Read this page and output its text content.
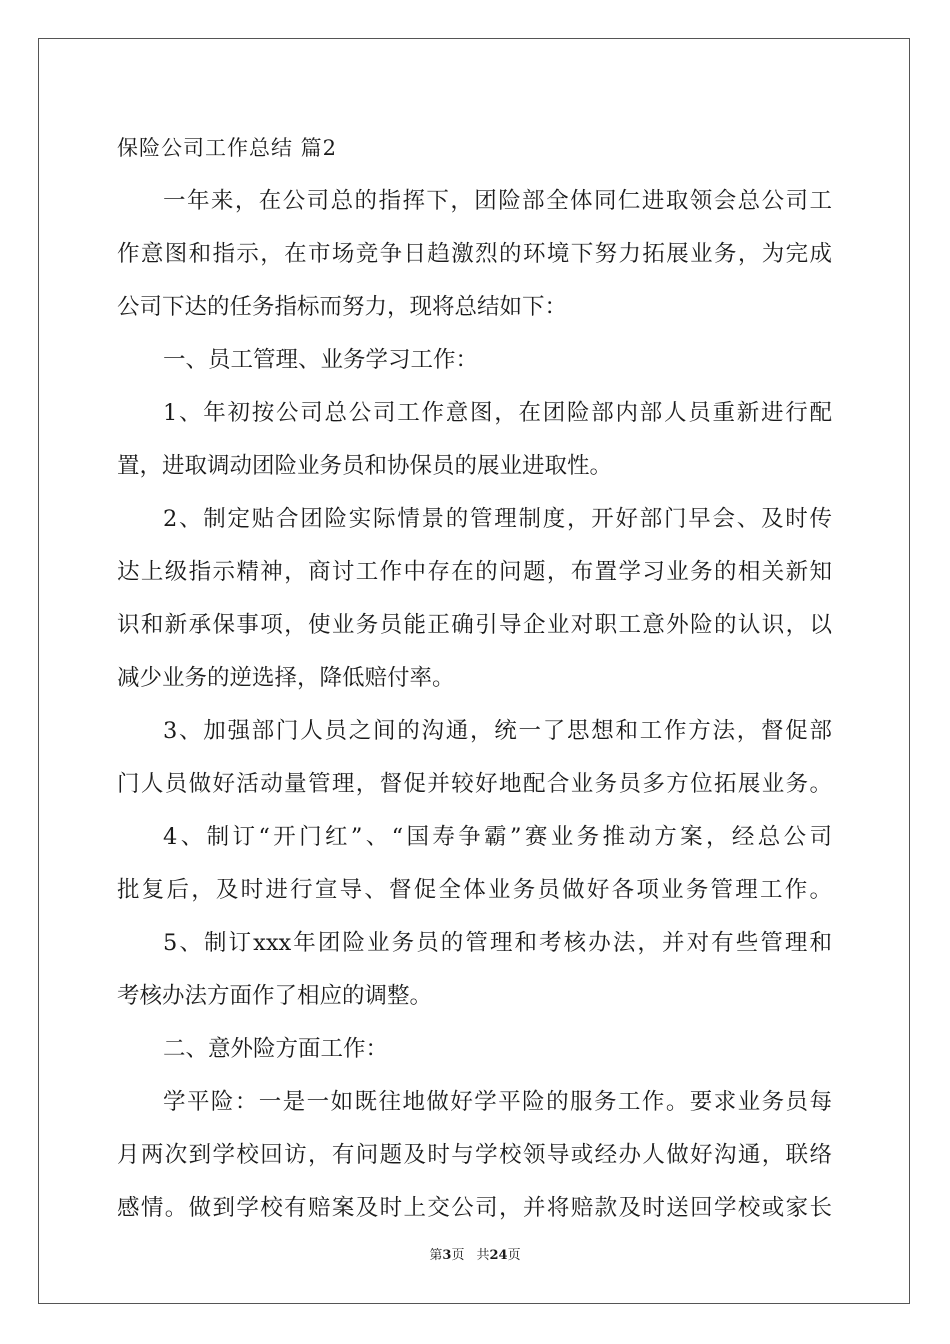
保险公司工作总结 篇2
一年来，在公司总的指挥下，团险部全体同仁进取领会总公司工
作意图和指示，在市场竞争日趋激烈的环境下努力拓展业务，为完成
公司下达的任务指标而努力，现将总结如下：
一、员工管理、业务学习工作：
1、年初按公司总公司工作意图，在团险部内部人员重新进行配
置，进取调动团险业务员和协保员的展业进取性。
2、制定贴合团险实际情景的管理制度，开好部门早会、及时传
达上级指示精神，商讨工作中存在的问题，布置学习业务的相关新知
识和新承保事项，使业务员能正确引导企业对职工意外险的认识，以
减少业务的逆选择，降低赔付率。
3、加强部门人员之间的沟通，统一了思想和工作方法，督促部
门人员做好活动量管理，督促并较好地配合业务员多方位拓展业务。
4、制订“开门红”、“国寿争霸”赛业务推动方案，经总公司
批复后，及时进行宣导、督促全体业务员做好各项业务管理工作。
5、制订xxx年团险业务员的管理和考核办法，并对有些管理和
考核办法方面作了相应的调整。
二、意外险方面工作：
学平险：一是一如既往地做好学平险的服务工作。要求业务员每
月两次到学校回访，有问题及时与学校领导或经办人做好沟通，联络
感情。做到学校有赔案及时上交公司，并将赔款及时送回学校或家长
第3页 共24页
